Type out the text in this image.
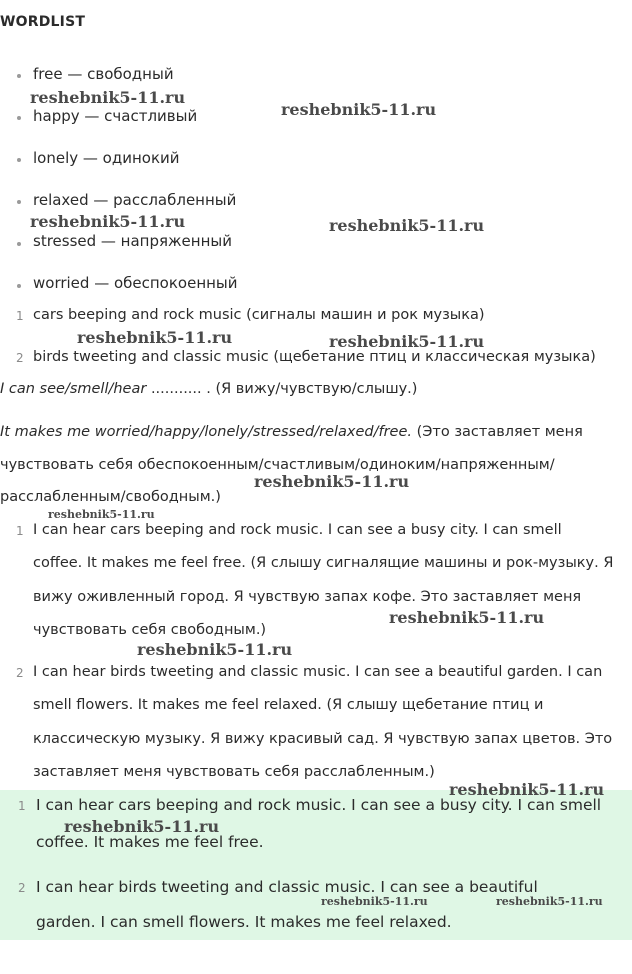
WORDLIST
free — свободный
happy — счастливый
lonely — одинокий
relaxed — расслабленный
stressed — напряженный
worried — обеспокоенный
1 cars beeping and rock music (сигналы машин и рок музыка)
2 birds tweeting and classic music (щебетание птиц и классическая музыка)
I can see/smell/hear ........... . (Я вижу/чувствую/слышу.)
It makes me worried/happy/lonely/stressed/relaxed/free. (Это заставляет меня
чувствовать себя обеспокоенным/счастливым/одиноким/напряженным/
расслабленным/свободным.)
1 I can hear cars beeping and rock music. I can see a busy city. I can smell
coffee. It makes me feel free. (Я слышу сигналящие машины и рок-музыку. Я
вижу оживленный город. Я чувствую запах кофе. Это заставляет меня
чувствовать себя свободным.)
2 I can hear birds tweeting and classic music. I can see a beautiful garden. I can
smell flowers. It makes me feel relaxed. (Я слышу щебетание птиц и
классическую музыку. Я вижу красивый сад. Я чувствую запах цветов. Это
заставляет меня чувствовать себя расслабленным.)
1 I can hear cars beeping and rock music. I can see a busy city. I can smell
coffee. It makes me feel free.
2 I can hear birds tweeting and classic music. I can see a beautiful
garden. I can smell flowers. It makes me feel relaxed.
reshebnik5-11.ru
reshebnik5-11.ru
reshebnik5-11.ru	reshebnik5-11.ru
reshebnik5-11.ru	reshebnik5-11.ru
reshebnik5-11.ru
reshebnik5-11.ru
reshebnik5-11.ru
reshebnik5-11.ru
reshebnik5-11.ru
reshebnik5-11.ru
reshebnik5-11.ru	reshebnik5-11.ru
